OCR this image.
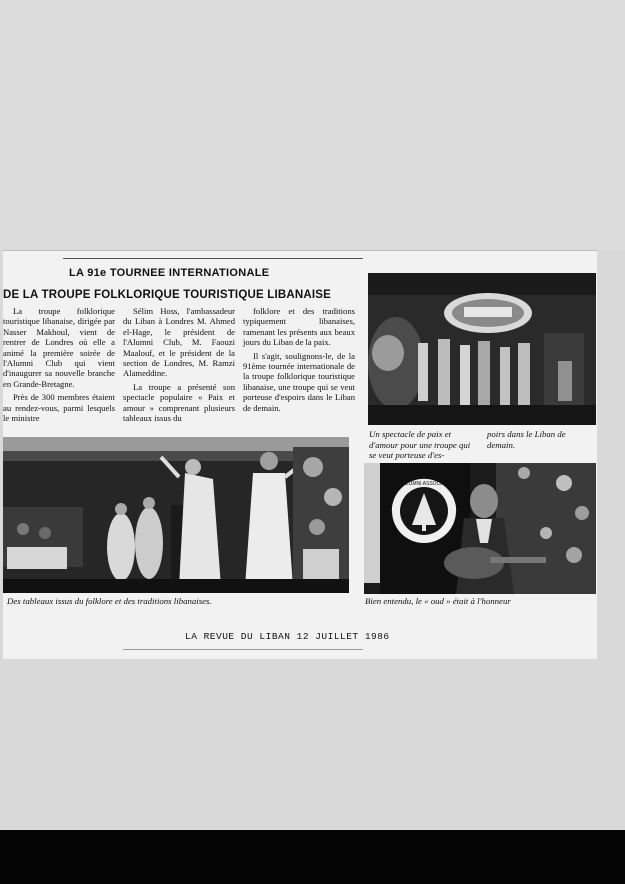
LA 91e TOURNEE INTERNATIONALE
DE LA TROUPE FOLKLORIQUE TOURISTIQUE LIBANAISE

La troupe folklorique touristique libanaise, dirigée par Nasser Makhoul, vient de rentrer de Londres où elle a animé la première soirée de l'Alumni Club qui vient d'inaugurer sa nouvelle branche en Grande-Bretagne.

Près de 300 membres étaient au rendez-vous, parmi lesquels le ministre

Sélim Hoss, l'ambassadeur du Liban à Londres M. Ahmed el-Hage, le président de l'Alumni Club, M. Faouzi Maalouf, et le président de la section de Londres, M. Ramzi Alameddine.

La troupe a présenté son spectacle populaire « Paix et amour » comprenant plusieurs tableaux issus du

folklore et des traditions typiquement libanaises, ramenant les présents aux beaux jours du Liban de la paix.

Il s'agit, soulignons-le, de la 91ème tournée internationale de la troupe folklorique touristique libanaise, une troupe qui se veut porteuse d'espoirs dans le Liban de demain.

Un spectacle de paix et d'amour pour une troupe qui se veut porteuse d'es-
poirs dans le Liban de demain.
THE ALUMNI ASSOCIATION
Bien entendu, le « oud » était à l'honneur
Des tableaux issus du folklore et des traditions libanaises.
LA REVUE DU LIBAN 12 JUILLET 1986
